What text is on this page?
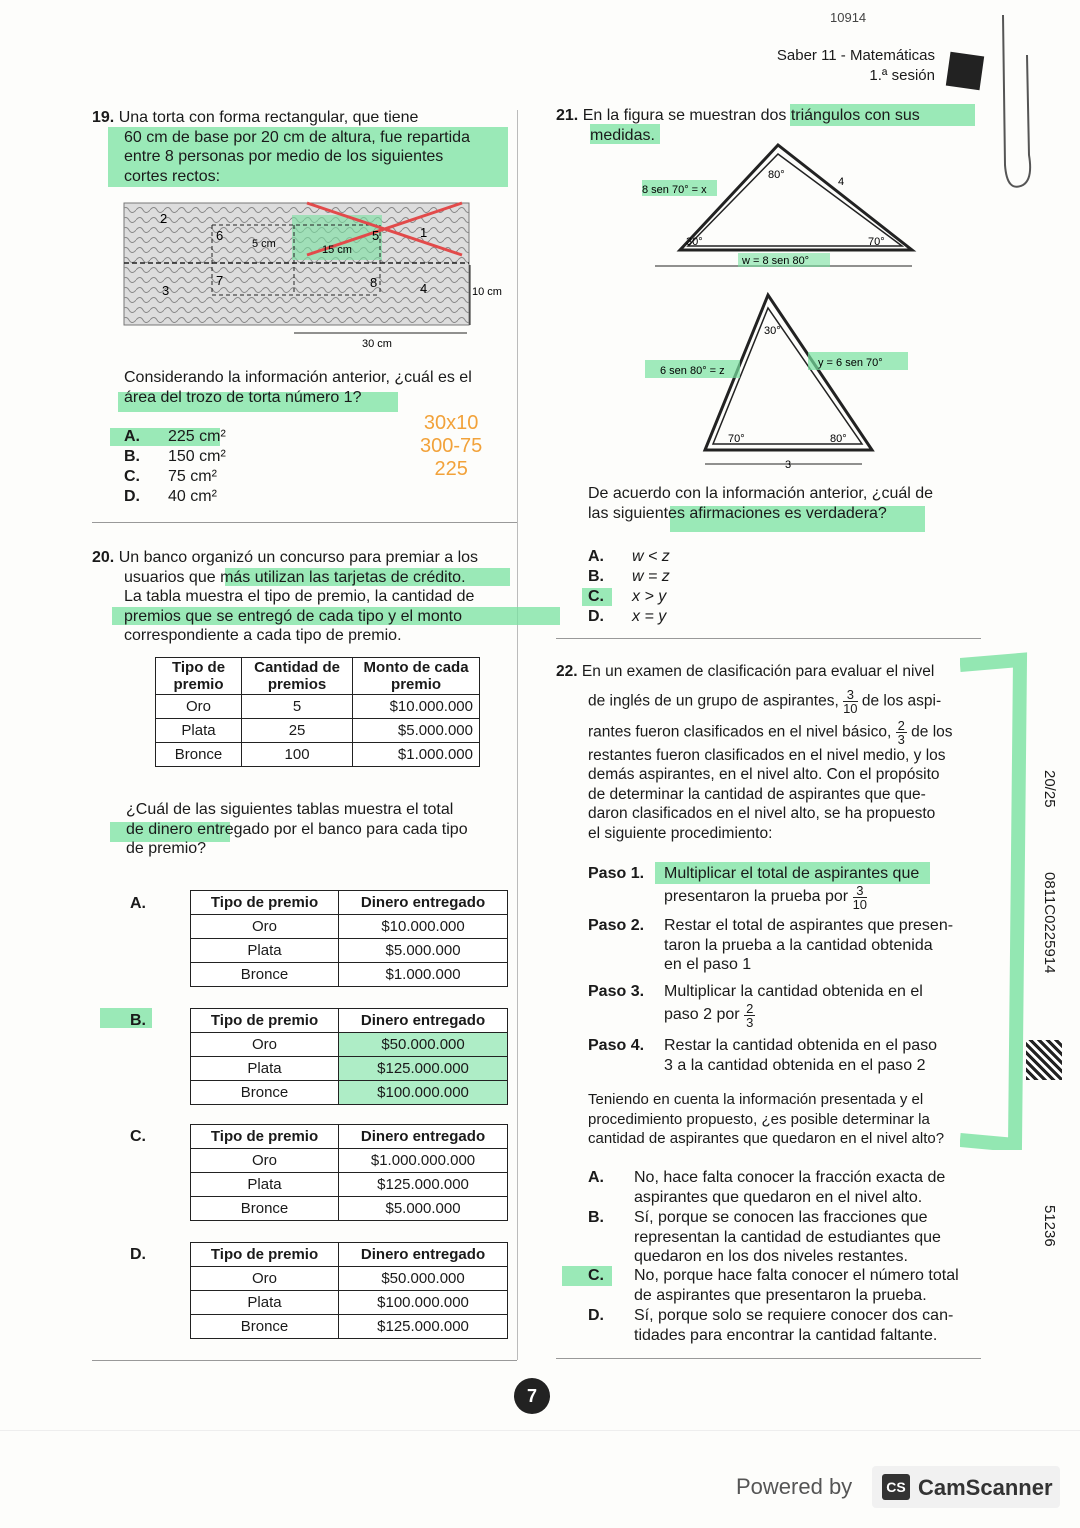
10914
Saber 11 - Matemáticas
1.ª sesión
19. Una torta con forma rectangular, que tiene
60 cm de base por 20 cm de altura, fue repartida
entre 8 personas por medio de los siguientes
cortes rectos:
2
1
3	4
5
6
7	8
5 cm	15 cm
10 cm
30 cm
Considerando la información anterior, ¿cuál es el
área del trozo de torta número 1?
A. 225 cm²
B. 150 cm²
C. 75 cm²
D. 40 cm²
30x10
300-75
225
20. Un banco organizó un concurso para premiar a los
usuarios que más utilizan las tarjetas de crédito.
La tabla muestra el tipo de premio, la cantidad de
premios que se entregó de cada tipo y el monto
correspondiente a cada tipo de premio.
Tipo de premio	Cantidad de premios	Monto de cada premio
Oro	5	$10.000.000
Plata	25	$5.000.000
Bronce	100	$1.000.000
¿Cuál de las siguientes tablas muestra el total
de dinero entregado por el banco para cada tipo
de premio?
A.	Tipo de premio	Dinero entregado
Oro	$10.000.000
Plata	$5.000.000
Bronce	$1.000.000
B.	Tipo de premio	Dinero entregado
Oro	$50.000.000
Plata	$125.000.000
Bronce	$100.000.000
C.	Tipo de premio	Dinero entregado
Oro	$1.000.000.000
Plata	$125.000.000
Bronce	$5.000.000
D.	Tipo de premio	Dinero entregado
Oro	$50.000.000
Plata	$100.000.000
Bronce	$125.000.000
21. En la figura se muestran dos triángulos con sus
medidas.
8 sen 70° = x
80°
4
30°	70°
w = 8 sen 80°
6 sen 80° = z
30°
y = 6 sen 70°
70°	80°
3
De acuerdo con la información anterior, ¿cuál de
las siguientes afirmaciones es verdadera?
A. w < z
B. w = z
C. x > y
D. x = y
22. En un examen de clasificación para evaluar el nivel
de inglés de un grupo de aspirantes, $\frac{3}{10}$ de los aspi-
rantes fueron clasificados en el nivel básico, $\frac{2}{3}$ de los
restantes fueron clasificados en el nivel medio, y los
demás aspirantes, en el nivel alto. Con el propósito
de determinar la cantidad de aspirantes que que-
daron clasificados en el nivel alto, se ha propuesto
el siguiente procedimiento:
Paso 1. Multiplicar el total de aspirantes que
presentaron la prueba por $\frac{3}{10}$
Paso 2. Restar el total de aspirantes que presen-
taron la prueba a la cantidad obtenida
en el paso 1
Paso 3. Multiplicar la cantidad obtenida en el
paso 2 por $\frac{2}{3}$
Paso 4. Restar la cantidad obtenida en el paso
3 a la cantidad obtenida en el paso 2
Teniendo en cuenta la información presentada y el
procedimiento propuesto, ¿es posible determinar la
cantidad de aspirantes que quedaron en el nivel alto?
A. No, hace falta conocer la fracción exacta de
aspirantes que quedaron en el nivel alto.
B. Sí, porque se conocen las fracciones que
representan la cantidad de estudiantes que
quedaron en los dos niveles restantes.
C. No, porque hace falta conocer el número total
de aspirantes que presentaron la prueba.
D. Sí, porque solo se requiere conocer dos can-
tidades para encontrar la cantidad faltante.
20/25
0811C0225914
51236
7
Powered by	CS CamScanner
